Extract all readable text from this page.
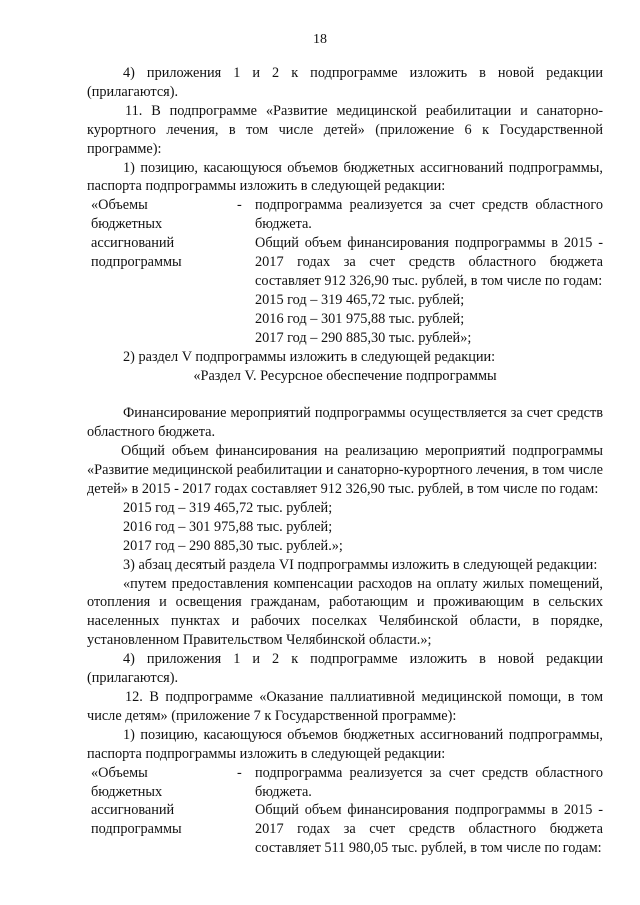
18

4) приложения 1 и 2 к подпрограмме изложить в новой редакции (прилагаются).

11. В подпрограмме «Развитие медицинской реабилитации и санаторно-курортного лечения, в том числе детей» (приложение 6 к Государственной программе):

1) позицию, касающуюся объемов бюджетных ассигнований подпрограммы, паспорта подпрограммы изложить в следующей редакции:

«Объемы
бюджетных
ассигнований
подпрограммы
- подпрограмма реализуется за счет средств областного бюджета.

Общий объем финансирования подпрограммы в 2015 - 2017 годах за счет средств областного бюджета составляет 912 326,90 тыс. рублей, в том числе по годам:

2015 год – 319 465,72 тыс. рублей;

2016 год – 301 975,88 тыс. рублей;

2017 год – 290 885,30 тыс. рублей»;

2) раздел V подпрограммы изложить в следующей редакции:

«Раздел V. Ресурсное обеспечение подпрограммы

Финансирование мероприятий подпрограммы осуществляется за счет средств областного бюджета.

Общий объем финансирования на реализацию мероприятий подпрограммы «Развитие медицинской реабилитации и санаторно-курортного лечения, в том числе детей» в 2015 - 2017 годах составляет 912 326,90 тыс. рублей, в том числе по годам:

2015 год – 319 465,72 тыс. рублей;
2016 год – 301 975,88 тыс. рублей;
2017 год – 290 885,30 тыс. рублей.»;

3) абзац десятый раздела VI подпрограммы изложить в следующей редакции:

«путем предоставления компенсации расходов на оплату жилых помещений, отопления и освещения гражданам, работающим и проживающим в сельских населенных пунктах и рабочих поселках Челябинской области, в порядке, установленном Правительством Челябинской области.»;

4) приложения 1 и 2 к подпрограмме изложить в новой редакции (прилагаются).

12. В подпрограмме «Оказание паллиативной медицинской помощи, в том числе детям» (приложение 7 к Государственной программе):

1) позицию, касающуюся объемов бюджетных ассигнований подпрограммы, паспорта подпрограммы изложить в следующей редакции:

«Объемы
бюджетных
ассигнований
подпрограммы
- подпрограмма реализуется за счет средств областного бюджета.

Общий объем финансирования подпрограммы в 2015 - 2017 годах за счет средств областного бюджета составляет 511 980,05 тыс. рублей, в том числе по годам:
